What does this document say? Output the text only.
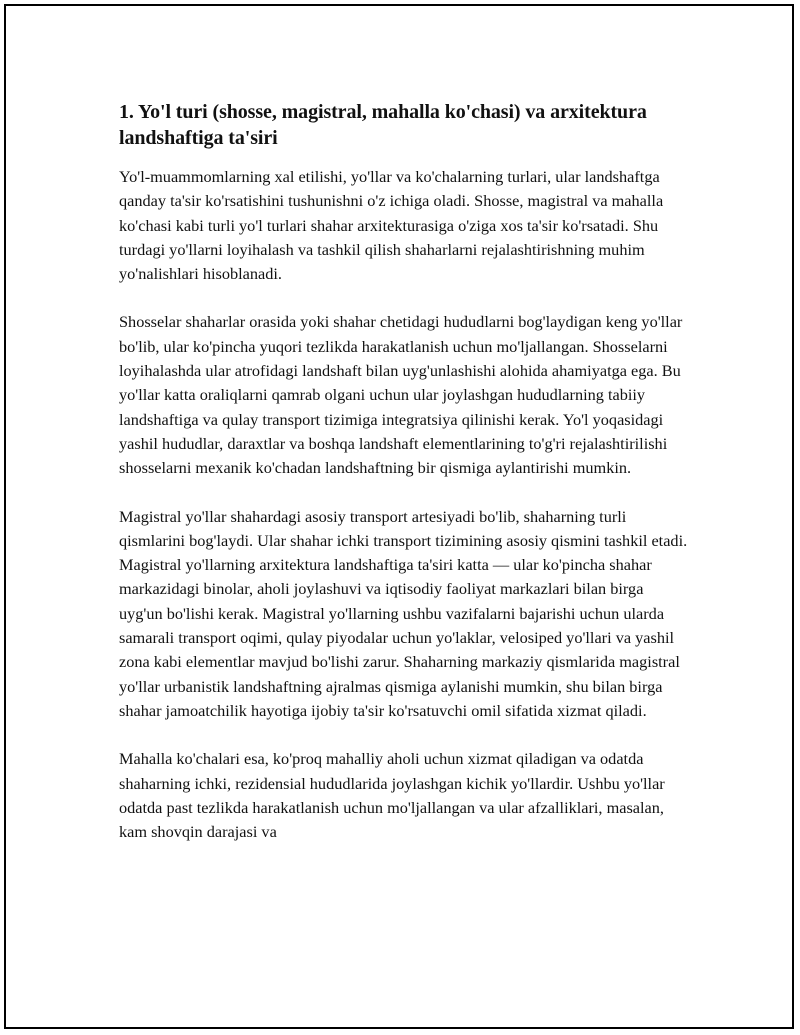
1. Yo'l turi (shosse, magistral, mahalla ko'chasi) va arxitektura landshaftiga ta'siri

Yo'l-muammomlarning xal etilishi, yo'llar va ko'chalarning turlari, ular landshaftga qanday ta'sir ko'rsatishini tushunishni o'z ichiga oladi. Shosse, magistral va mahalla ko'chasi kabi turli yo'l turlari shahar arxitekturasiga o'ziga xos ta'sir ko'rsatadi. Shu turdagi yo'llarni loyihalash va tashkil qilish shaharlarni rejalashtirishning muhim yo'nalishlari hisoblanadi.

Shosselar shaharlar orasida yoki shahar chetidagi hududlarni bog'laydigan keng yo'llar bo'lib, ular ko'pincha yuqori tezlikda harakatlanish uchun mo'ljallangan. Shosselarni loyihalashda ular atrofidagi landshaft bilan uyg'unlashishi alohida ahamiyatga ega. Bu yo'llar katta oraliqlarni qamrab olgani uchun ular joylashgan hududlarning tabiiy landshaftiga va qulay transport tizimiga integratsiya qilinishi kerak. Yo'l yoqasidagi yashil hududlar, daraxtlar va boshqa landshaft elementlarining to'g'ri rejalashtirilishi shosselarni mexanik ko'chadan landshaftning bir qismiga aylantirishi mumkin.

Magistral yo'llar shahardagi asosiy transport artesiyadi bo'lib, shaharning turli qismlarini bog'laydi. Ular shahar ichki transport tizimining asosiy qismini tashkil etadi. Magistral yo'llarning arxitektura landshaftiga ta'siri katta — ular ko'pincha shahar markazidagi binolar, aholi joylashuvi va iqtisodiy faoliyat markazlari bilan birga uyg'un bo'lishi kerak. Magistral yo'llarning ushbu vazifalarni bajarishi uchun ularda samarali transport oqimi, qulay piyodalar uchun yo'laklar, velosiped yo'llari va yashil zona kabi elementlar mavjud bo'lishi zarur. Shaharning markaziy qismlarida magistral yo'llar urbanistik landshaftning ajralmas qismiga aylanishi mumkin, shu bilan birga shahar jamoatchilik hayotiga ijobiy ta'sir ko'rsatuvchi omil sifatida xizmat qiladi.

Mahalla ko'chalari esa, ko'proq mahalliy aholi uchun xizmat qiladigan va odatda shaharning ichki, rezidensial hududlarida joylashgan kichik yo'llardir. Ushbu yo'llar odatda past tezlikda harakatlanish uchun mo'ljallangan va ular afzalliklari, masalan, kam shovqin darajasi va
